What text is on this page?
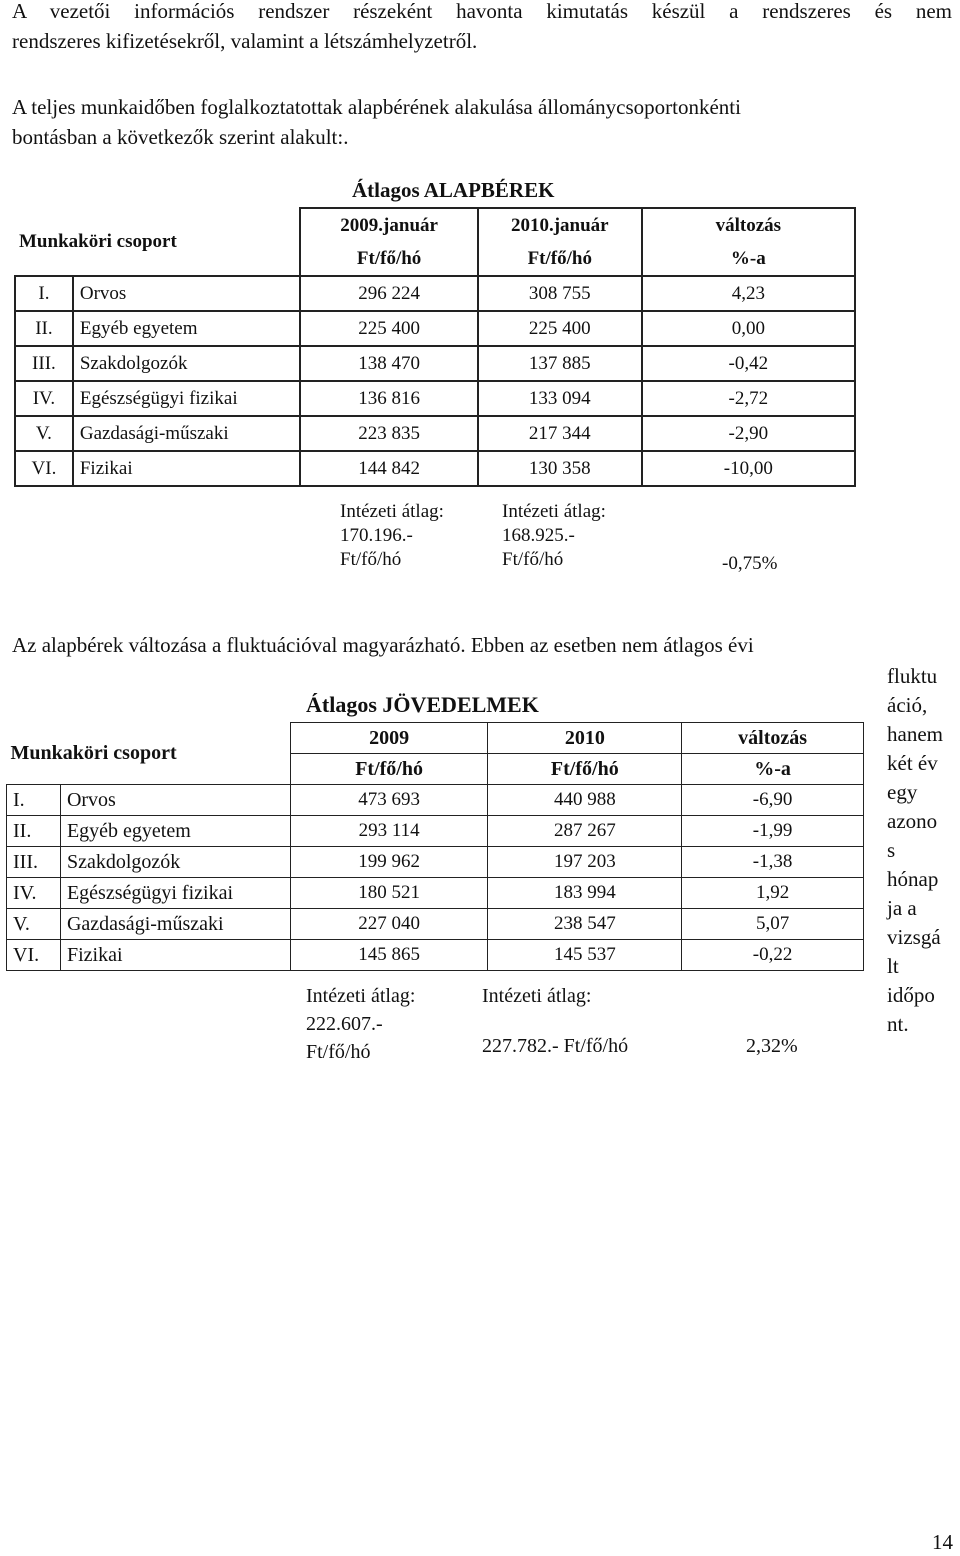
A vezetői információs rendszer részeként havonta kimutatás készül a rendszeres és nem
rendszeres kifizetésekről, valamint a létszámhelyzetről.
A teljes munkaidőben foglalkoztatottak alapbérének alakulása állománycsoportonkénti
bontásban a következők szerint alakult:.
Átlagos ALAPBÉREK
Munkaköri csoport		2009.január	2010.január	változás
		Ft/fő/hó	Ft/fő/hó	%-a
I.	Orvos	296 224	308 755	4,23
II.	Egyéb egyetem	225 400	225 400	0,00
III.	Szakdolgozók	138 470	137 885	-0,42
IV.	Egészségügyi fizikai	136 816	133 094	-2,72
V.	Gazdasági-műszaki	223 835	217 344	-2,90
VI.	Fizikai	144 842	130 358	-10,00
Intézeti átlag:
170.196.-
Ft/fő/hó
Intézeti átlag:
168.925.-
Ft/fő/hó	-0,75%
Az alapbérek változása a fluktuációval magyarázható. Ebben az esetben nem átlagos évi
fluktu
áció,
hanem
két év
egy
azono
s
hónap
ja a
vizsgá
lt
időpo
nt.
Átlagos JÖVEDELMEK
Munkaköri csoport		2009	2010	változás
		Ft/fő/hó	Ft/fő/hó	%-a
I.	Orvos	473 693	440 988	-6,90
II.	Egyéb egyetem	293 114	287 267	-1,99
III.	Szakdolgozók	199 962	197 203	-1,38
IV.	Egészségügyi fizikai	180 521	183 994	1,92
V.	Gazdasági-műszaki	227 040	238 547	5,07
VI.	Fizikai	145 865	145 537	-0,22
Intézeti átlag:
222.607.-
Ft/fő/hó
Intézeti átlag:
227.782.- Ft/fő/hó	2,32%
14
